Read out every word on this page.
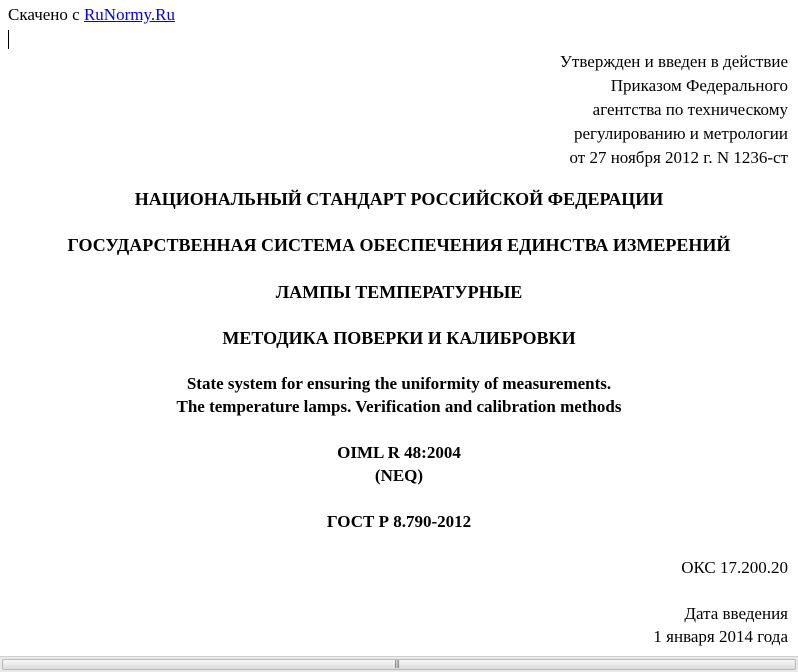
Скачено с RuNormy.Ru
Утвержден и введен в действие
Приказом Федерального
агентства по техническому
регулированию и метрологии
от 27 ноября 2012 г. N 1236-ст
НАЦИОНАЛЬНЫЙ СТАНДАРТ РОССИЙСКОЙ ФЕДЕРАЦИИ
ГОСУДАРСТВЕННАЯ СИСТЕМА ОБЕСПЕЧЕНИЯ ЕДИНСТВА ИЗМЕРЕНИЙ
ЛАМПЫ ТЕМПЕРАТУРНЫЕ
МЕТОДИКА ПОВЕРКИ И КАЛИБРОВКИ
State system for ensuring the uniformity of measurements.
The temperature lamps. Verification and calibration methods
OIML R 48:2004
(NEQ)
ГОСТ Р 8.790-2012
ОКС 17.200.20
Дата введения
1 января 2014 года
|||
